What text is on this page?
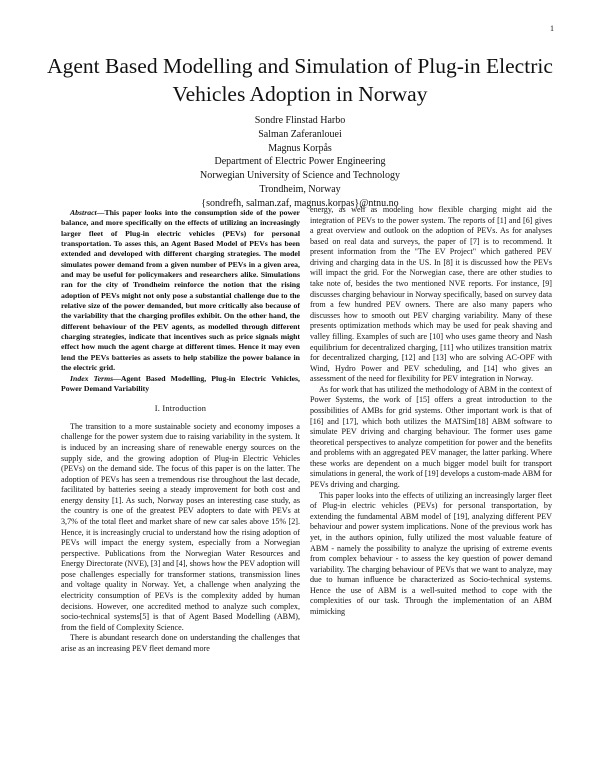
1
Agent Based Modelling and Simulation of Plug-in Electric Vehicles Adoption in Norway
Sondre Flinstad Harbo
Salman Zaferanlouei
Magnus Korpås
Department of Electric Power Engineering
Norwegian University of Science and Technology
Trondheim, Norway
{sondrefh, salman.zaf, magnus.korpas}@ntnu.no

Abstract—This paper looks into the consumption side of the power balance, and more specifically on the effects of utilizing an increasingly larger fleet of Plug-in electric vehicles (PEVs) for personal transportation. To asses this, an Agent Based Model of PEVs has been extended and developed with different charging strategies. The model simulates power demand from a given number of PEVs in a given area, and may be useful for policymakers and researchers alike. Simulations ran for the city of Trondheim reinforce the notion that the rising adoption of PEVs might not only pose a substantial challenge due to the relative size of the power demanded, but more critically also because of the variability that the charging profiles exhibit. On the other hand, the different behaviour of the PEV agents, as modelled through different charging strategies, indicate that incentives such as price signals might effect how much the agent charge at different times. Hence it may even lend the PEVs batteries as assets to help stabilize the power balance in the electric grid.

Index Terms—Agent Based Modelling, Plug-in Electric Vehicles, Power Demand Variability

I. Introduction

The transition to a more sustainable society and economy imposes a challenge for the power system due to raising variability in the system. It is induced by an increasing share of renewable energy sources on the supply side, and the growing adoption of Plug-in Electric Vehicles (PEVs) on the demand side. The focus of this paper is on the latter. The adoption of PEVs has seen a tremendous rise throughout the last decade, facilitated by batteries seeing a steady improvement for both cost and energy density [1]. As such, Norway poses an interesting case study, as the country is one of the greatest PEV adopters to date with PEVs at 3,7% of the total fleet and market share of new car sales above 15% [2]. Hence, it is increasingly crucial to understand how the rising adoption of PEVs will impact the energy system, especially from a Norwegian perspective. Publications from the Norwegian Water Resources and Energy Directorate (NVE), [3] and [4], shows how the PEV adoption will pose challenges especially for transformer stations, transmission lines and voltage quality in Norway. Yet, a challenge when analyzing the electricity consumption of PEVs is the complexity added by human decisions. However, one accredited method to analyze such complex, socio-technical systems[5] is that of Agent Based Modelling (ABM), from the field of Complexity Science.

There is abundant research done on understanding the challenges that arise as an increasing PEV fleet demand more

energy, as well as modeling how flexible charging might aid the integration of PEVs to the power system. The reports of [1] and [6] gives a great overview and outlook on the adoption of PEVs. As for analyses based on real data and surveys, the paper of [7] is to recommend. It present information from the "The EV Project" which gathered PEV driving and charging data in the US. In [8] it is discussed how the PEVs will impact the grid. For the Norwegian case, there are other studies to take note of, besides the two mentioned NVE reports. For instance, [9] discusses charging behaviour in Norway specifically, based on survey data from a few hundred PEV owners. There are also many papers who discusses how to smooth out PEV charging variability. Many of these presents optimization methods which may be used for peak shaving and valley filling. Examples of such are [10] who uses game theory and Nash equilibrium for decentralized charging, [11] who utilizes transition matrix for decentralized charging, [12] and [13] who are solving AC-OPF with Wind, Hydro Power and PEV scheduling, and [14] who gives an assessment of the need for flexibility for PEV integration in Norway.

As for work that has utilized the methodology of ABM in the context of Power Systems, the work of [15] offers a great introduction to the possibilities of AMBs for grid systems. Other important work is that of [16] and [17], which both utilizes the MATSim[18] ABM software to simulate PEV driving and charging behaviour. The former uses game theoretical perspectives to analyze competition for power and the benefits and problems with an aggregated PEV manager, the latter parking. Where these works are dependent on a much bigger model built for transport simulations in general, the work of [19] develops a custom-made ABM for PEVs driving and charging.

This paper looks into the effects of utilizing an increasingly larger fleet of Plug-in electric vehicles (PEVs) for personal transportation, by extending the fundamental ABM model of [19], analyzing different PEV behaviour and power system implications. None of the previous work has yet, in the authors opinion, fully utilized the most valuable feature of ABM - namely the possibility to analyze the uprising of extreme events from complex behaviour - to assess the key question of power demand variability. The charging behaviour of PEVs that we want to analyze, may due to human influence be characterized as Socio-technical systems. Hence the use of ABM is a well-suited method to cope with the complexities of our task. Through the implementation of an ABM mimicking
